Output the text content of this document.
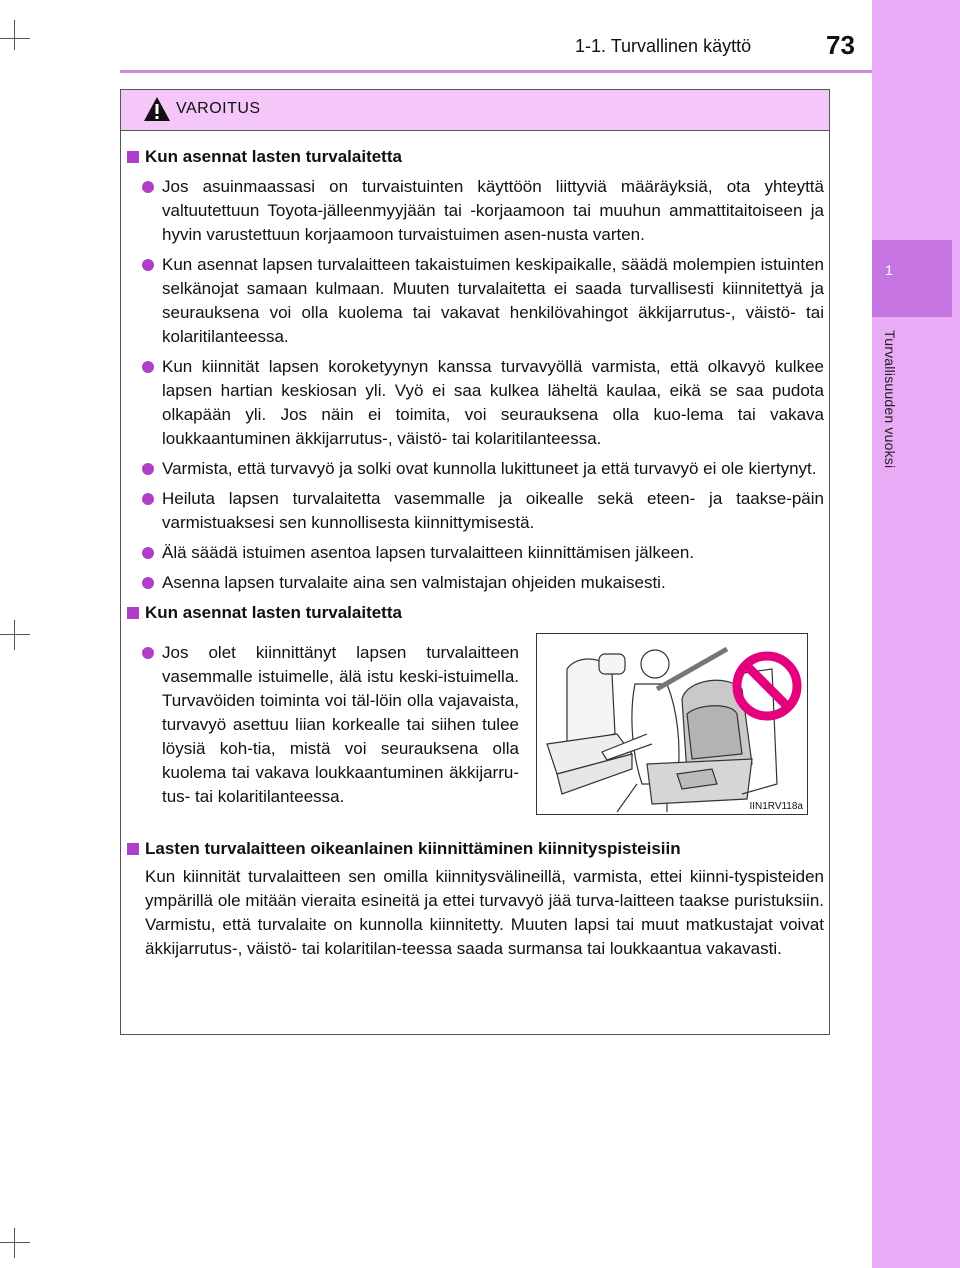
1
Turvallisuuden vuoksi
1-1. Turvallinen käyttö	73
VAROITUS
Kun asennat lasten turvalaitetta
Jos asuinmaassasi on turvaistuinten käyttöön liittyviä määräyksiä, ota yhteyttä valtuutettuun Toyota-jälleenmyyjään tai -korjaamoon tai muuhun ammattitaitoiseen ja hyvin varustettuun korjaamoon turvaistuimen asen-nusta varten.
Kun asennat lapsen turvalaitteen takaistuimen keskipaikalle, säädä molempien istuinten selkänojat samaan kulmaan. Muuten turvalaitetta ei saada turvallisesti kiinnitettyä ja seurauksena voi olla kuolema tai vakavat henkilövahingot äkkijarrutus-, väistö- tai kolaritilanteessa.
Kun kiinnität lapsen koroketyynyn kanssa turvavyöllä varmista, että olkavyö kulkee lapsen hartian keskiosan yli. Vyö ei saa kulkea läheltä kaulaa, eikä se saa pudota olkapään yli. Jos näin ei toimita, voi seurauksena olla kuo-lema tai vakava loukkaantuminen äkkijarrutus-, väistö- tai kolaritilanteessa.
Varmista, että turvavyö ja solki ovat kunnolla lukittuneet ja että turvavyö ei ole kiertynyt.
Heiluta lapsen turvalaitetta vasemmalle ja oikealle sekä eteen- ja taakse-päin varmistuaksesi sen kunnollisesta kiinnittymisestä.
Älä säädä istuimen asentoa lapsen turvalaitteen kiinnittämisen jälkeen.
Asenna lapsen turvalaite aina sen valmistajan ohjeiden mukaisesti.
Kun asennat lasten turvalaitetta
Jos olet kiinnittänyt lapsen turvalaitteen vasemmalle istuimelle, älä istu keski-istuimella. Turvavöiden toiminta voi täl-löin olla vajavaista, turvavyö asettuu liian korkealle tai siihen tulee löysiä koh-tia, mistä voi seurauksena olla kuolema tai vakava loukkaantuminen äkkijarru-tus- tai kolaritilanteessa.
IIN1RV118a
Lasten turvalaitteen oikeanlainen kiinnittäminen kiinnityspisteisiin
Kun kiinnität turvalaitteen sen omilla kiinnitysvälineillä, varmista, ettei kiinni-tyspisteiden ympärillä ole mitään vieraita esineitä ja ettei turvavyö jää turva-laitteen taakse puristuksiin. Varmistu, että turvalaite on kunnolla kiinnitetty. Muuten lapsi tai muut matkustajat voivat äkkijarrutus-, väistö- tai kolaritilan-teessa saada surmansa tai loukkaantua vakavasti.
